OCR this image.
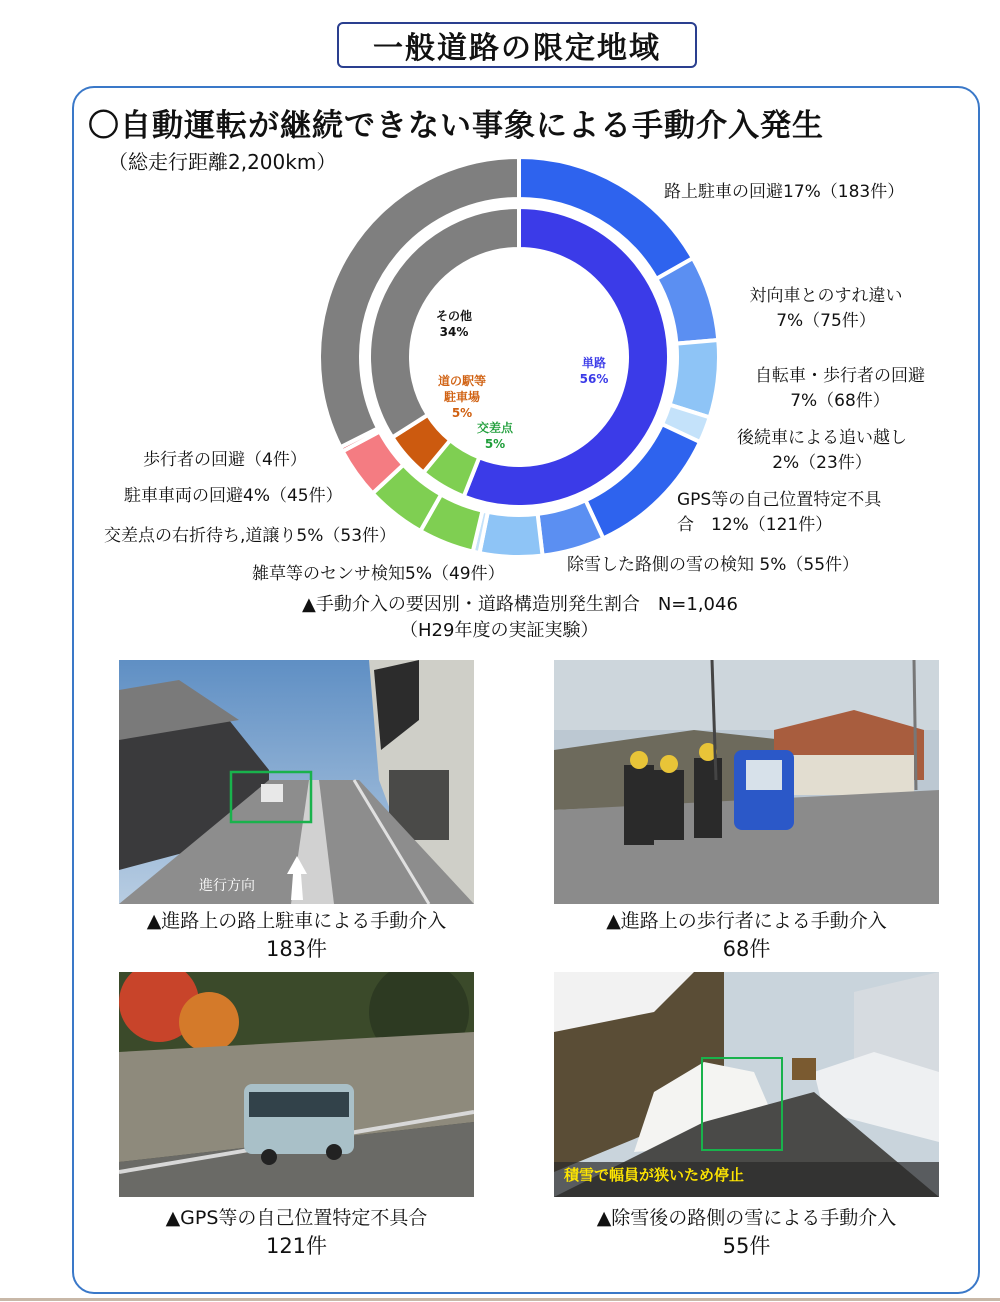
一般道路の限定地域
〇自動運転が継続できない事象による手動介入発生
（総走行距離2,200km）
その他
34%
単路
56%
道の駅等
駐車場
5%
交差点
5%
路上駐車の回避17%（183件）
対向車とのすれ違い
7%（75件）
自転車・歩行者の回避
7%（68件）
後続車による追い越し
2%（23件）
GPS等の自己位置特定不具
合　12%（121件）
除雪した路側の雪の検知 5%（55件）
雑草等のセンサ検知5%（49件）
交差点の右折待ち,道譲り5%（53件）
駐車車両の回避4%（45件）
歩行者の回避（4件）
▲手動介入の要因別・道路構造別発生割合　N=1,046
（H29年度の実証実験）
進行方向
▲進路上の路上駐車による手動介入
183件
▲進路上の歩行者による手動介入
68件
▲GPS等の自己位置特定不具合
121件
積雪で幅員が狭いため停止
▲除雪後の路側の雪による手動介入
55件
